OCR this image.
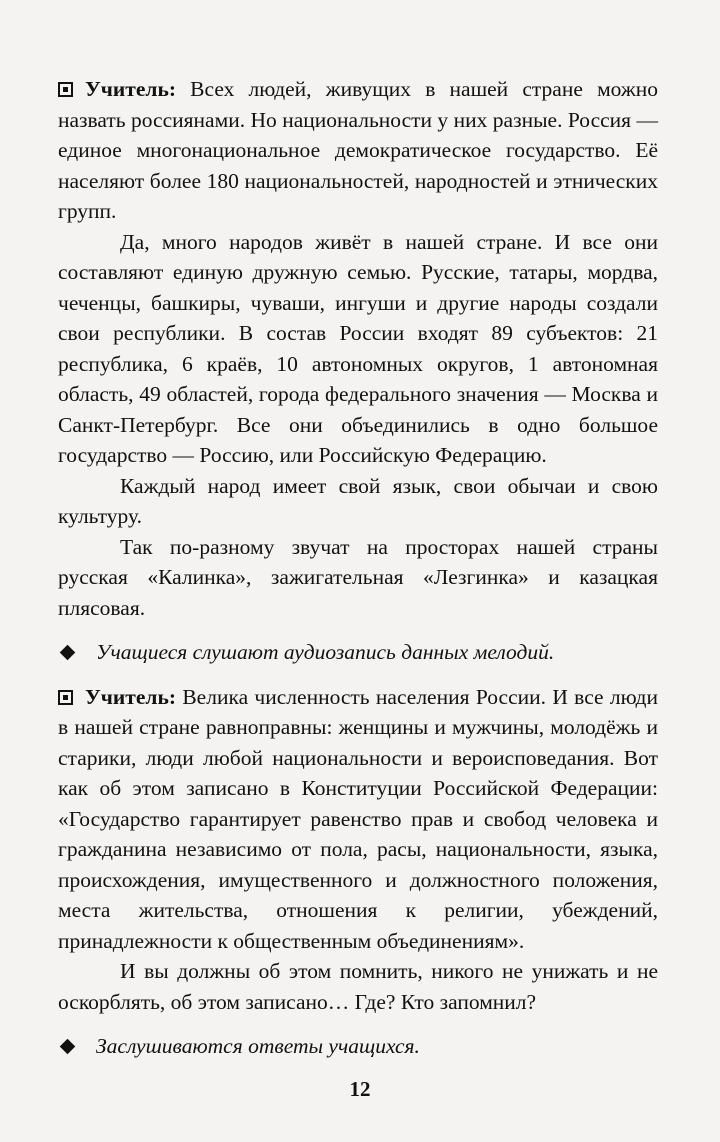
Учитель: Всех людей, живущих в нашей стране можно назвать россиянами. Но национальности у них разные. Россия — единое многонациональное демократическое государство. Её населяют более 180 национальностей, народностей и этнических групп.

Да, много народов живёт в нашей стране. И все они составляют единую дружную семью. Русские, татары, мордва, чеченцы, башкиры, чуваши, ингуши и другие народы создали свои республики. В состав России входят 89 субъектов: 21 республика, 6 краёв, 10 автономных округов, 1 автономная область, 49 областей, города федерального значения — Москва и Санкт-Петербург. Все они объединились в одно большое государство — Россию, или Российскую Федерацию.

Каждый народ имеет свой язык, свои обычаи и свою культуру.

Так по-разному звучат на просторах нашей страны русская «Калинка», зажигательная «Лезгинка» и казацкая плясовая.

Учащиеся слушают аудиозапись данных мелодий.

Учитель: Велика численность населения России. И все люди в нашей стране равноправны: женщины и мужчины, молодёжь и старики, люди любой национальности и вероисповедания. Вот как об этом записано в Конституции Российской Федерации: «Государство гарантирует равенство прав и свобод человека и гражданина независимо от пола, расы, национальности, языка, происхождения, имущественного и должностного положения, места жительства, отношения к религии, убеждений, принадлежности к общественным объединениям».

И вы должны об этом помнить, никого не унижать и не оскорблять, об этом записано… Где? Кто запомнил?

Заслушиваются ответы учащихся.

12
